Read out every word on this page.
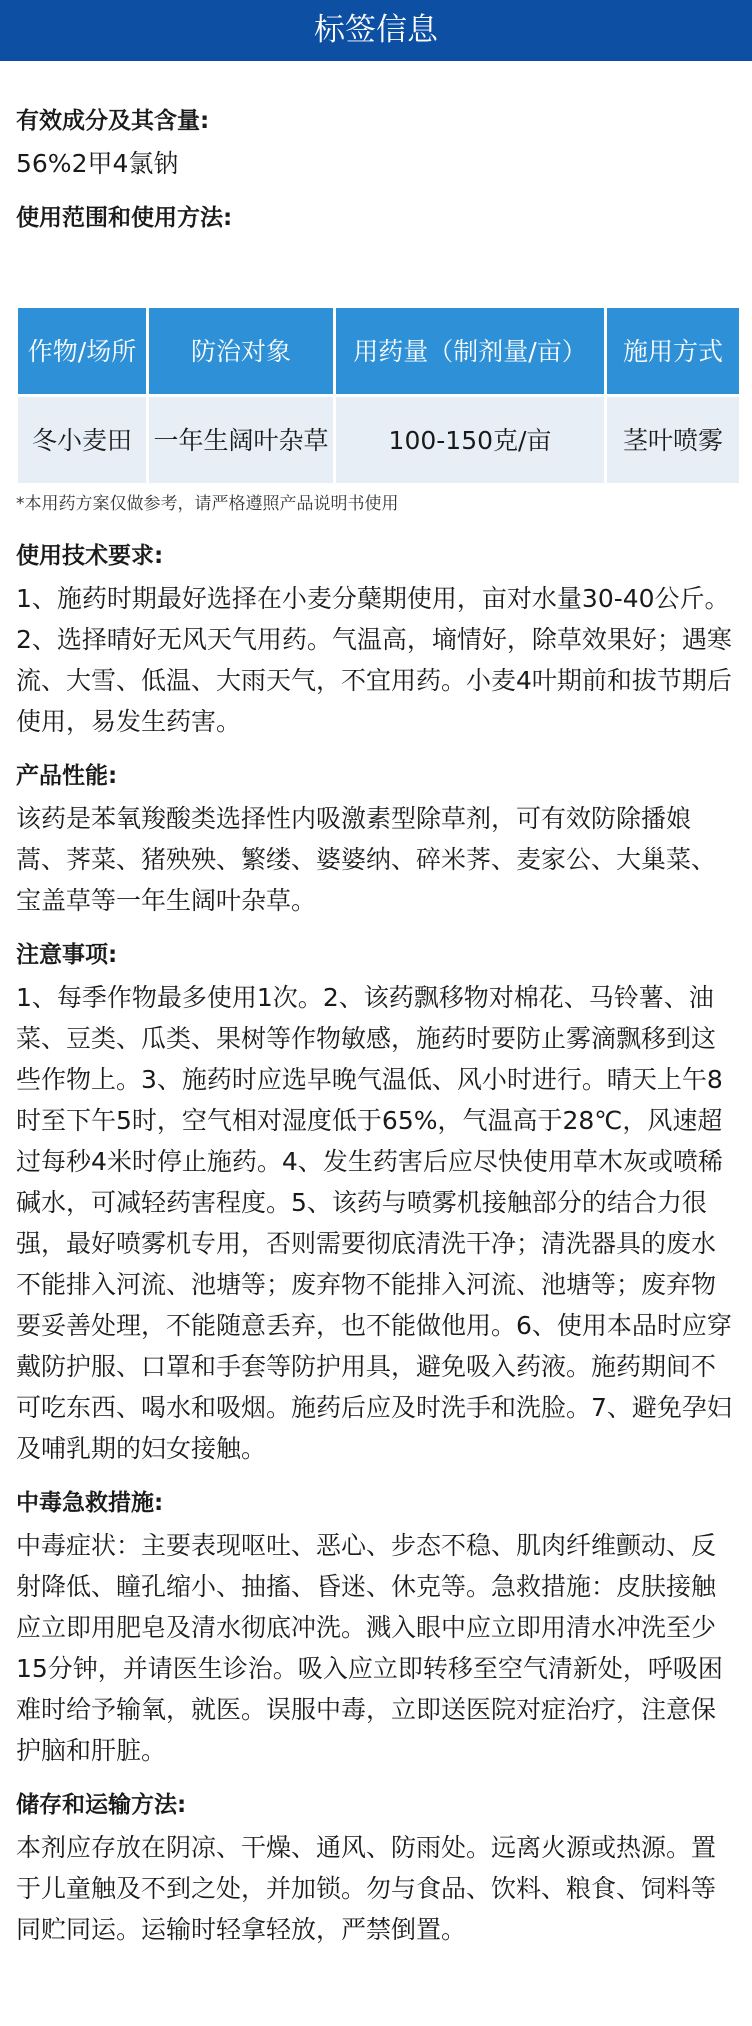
标签信息

有效成分及其含量:

56%2甲4氯钠

使用范围和使用方法:

作物/场所	防治对象	用药量（制剂量/亩）	施用方式
冬小麦田	一年生阔叶杂草	100-150克/亩	茎叶喷雾

*本用药方案仅做参考，请严格遵照产品说明书使用

使用技术要求:

1、施药时期最好选择在小麦分蘖期使用，亩对水量30-40公斤。2、选择晴好无风天气用药。气温高，墒情好，除草效果好；遇寒流、大雪、低温、大雨天气，不宜用药。小麦4叶期前和拔节期后使用，易发生药害。

产品性能:

该药是苯氧羧酸类选择性内吸激素型除草剂，可有效防除播娘蒿、荠菜、猪殃殃、繁缕、婆婆纳、碎米荠、麦家公、大巢菜、宝盖草等一年生阔叶杂草。

注意事项:

1、每季作物最多使用1次。2、该药飘移物对棉花、马铃薯、油菜、豆类、瓜类、果树等作物敏感，施药时要防止雾滴飘移到这些作物上。3、施药时应选早晚气温低、风小时进行。晴天上午8时至下午5时，空气相对湿度低于65%，气温高于28℃，风速超过每秒4米时停止施药。4、发生药害后应尽快使用草木灰或喷稀碱水，可减轻药害程度。5、该药与喷雾机接触部分的结合力很强，最好喷雾机专用，否则需要彻底清洗干净；清洗器具的废水不能排入河流、池塘等；废弃物不能排入河流、池塘等；废弃物要妥善处理，不能随意丢弃，也不能做他用。6、使用本品时应穿戴防护服、口罩和手套等防护用具，避免吸入药液。施药期间不可吃东西、喝水和吸烟。施药后应及时洗手和洗脸。7、避免孕妇及哺乳期的妇女接触。

中毒急救措施:

中毒症状：主要表现呕吐、恶心、步态不稳、肌肉纤维颤动、反射降低、瞳孔缩小、抽搐、昏迷、休克等。急救措施：皮肤接触应立即用肥皂及清水彻底冲洗。溅入眼中应立即用清水冲洗至少15分钟，并请医生诊治。吸入应立即转移至空气清新处，呼吸困难时给予输氧，就医。误服中毒，立即送医院对症治疗，注意保护脑和肝脏。

储存和运输方法:

本剂应存放在阴凉、干燥、通风、防雨处。远离火源或热源。置于儿童触及不到之处，并加锁。勿与食品、饮料、粮食、饲料等同贮同运。运输时轻拿轻放，严禁倒置。
